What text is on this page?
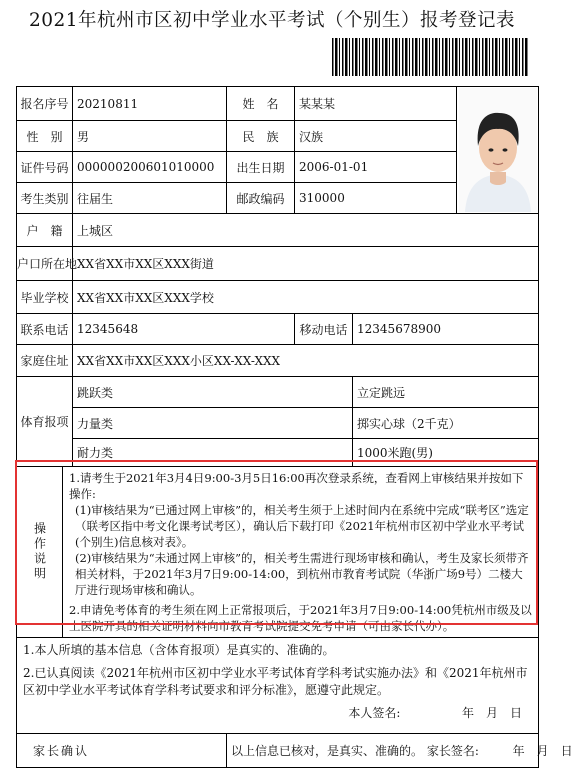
2021年杭州市区初中学业水平考试（个别生）报考登记表
报名序号		20210811	姓　名	某某某	

性　别		男	民　族	汉族		
证件号码		000000200601010000	出生日期	2006-01-01		
考生类别		往届生	邮政编码	310000		
户　籍		上城区				
户口所在地		XX省XX市XX区XXX街道				
毕业学校		XX省XX市XX区XXX学校				
联系电话		12345648		移动电话	12345678900	
家庭住址		XX省XX市XX区XXX小区XX-XX-XXX				
体育报项		跳跃类			立定跳远	
		力量类			掷实心球（2千克）	
		耐力类			1000米跑(男)	

操作说明	1.请考生于2021年3月4日9:00-3月5日16:00再次登录系统，查看网上审核结果并按如下操作:

(1)审核结果为“已通过网上审核”的，相关考生须于上述时间内在系统中完成“联考区”选定（联考区指中考文化课考试考区），确认后下载打印《2021年杭州市区初中学业水平考试(个别生)信息核对表》。

(2)审核结果为“未通过网上审核”的，相关考生需进行现场审核和确认，考生及家长须带齐相关材料，于2021年3月7日9:00-14:00，到杭州市教育考试院（华浙广场9号）二楼大厅进行现场审核和确认。

2.申请免考体育的考生须在网上正常报项后，于2021年3月7日9:00-14:00凭杭州市级及以上医院开具的相关证明材料向市教育考试院提交免考申请（可由家长代办）。					

1.本人所填的基本信息（含体育报项）是真实的、准确的。

2.已认真阅读《2021年杭州市区初中学业水平考试体育学科考试实施办法》和《2021年杭州市区初中学业水平考试体育学科考试要求和评分标准》，愿遵守此规定。

本人签名: 年　月　日						

家长确认			以上信息已核对，是真实、准确的。 家长签名: 年　月　日			
